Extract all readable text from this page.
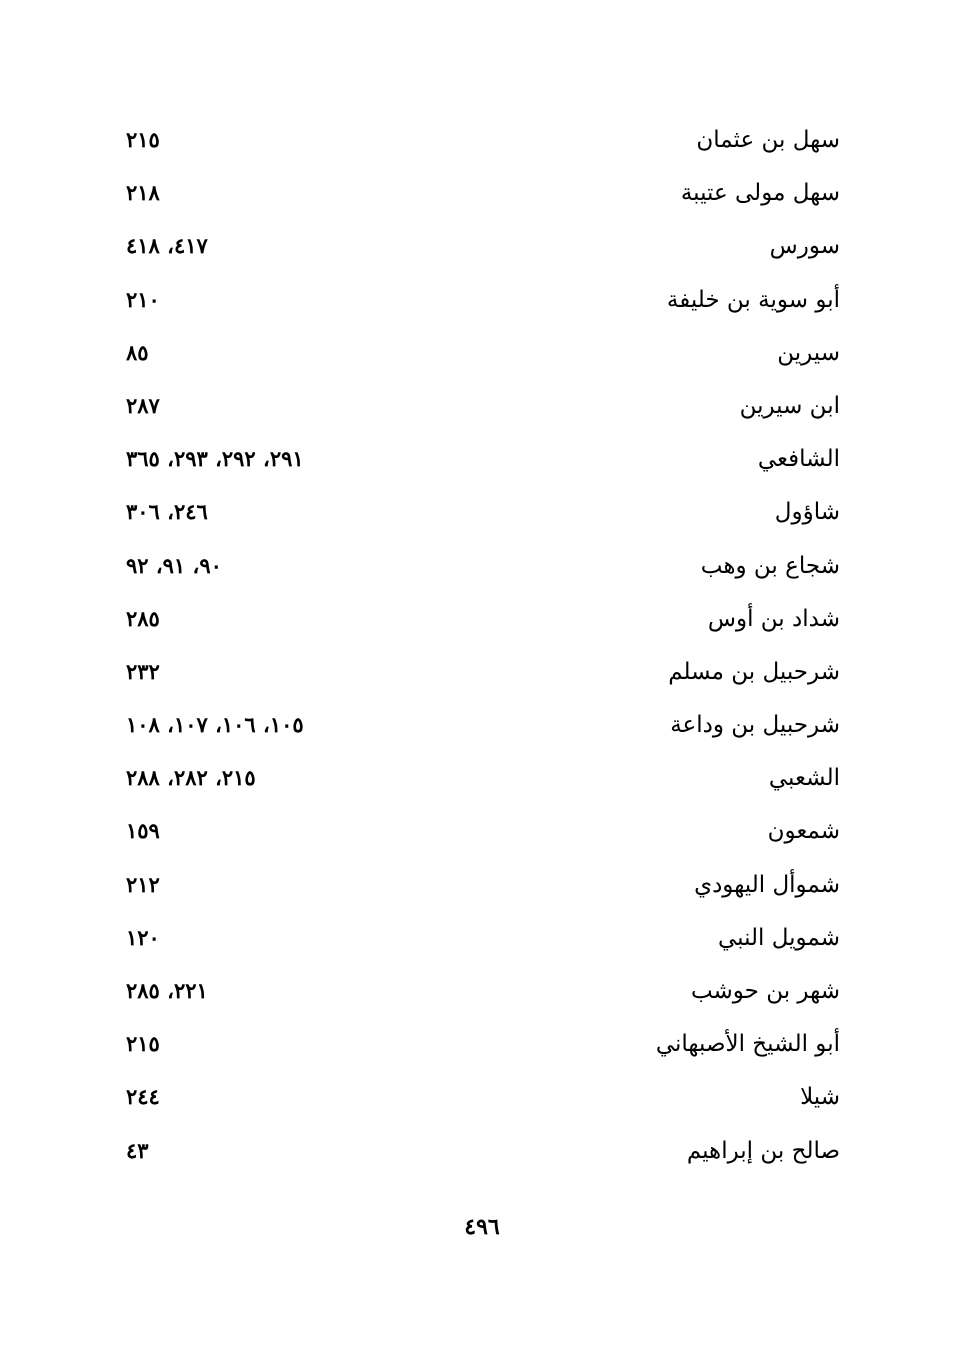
سهل بن عثمان
٢١٥
سهل مولى عتيبة
٢١٨
سورس
٤١٧، ٤١٨
أبو سوية بن خليفة
٢١٠
سيرين
٨٥
ابن سيرين
٢٨٧
الشافعي
٢٩١، ٢٩٢، ٢٩٣، ٣٦٥
شاؤول
٢٤٦، ٣٠٦
شجاع بن وهب
٩٠، ٩١، ٩٢
شداد بن أوس
٢٨٥
شرحبيل بن مسلم
٢٣٢
شرحبيل بن وداعة
١٠٥، ١٠٦، ١٠٧، ١٠٨
الشعبي
٢١٥، ٢٨٢، ٢٨٨
شمعون
١٥٩
شموأل اليهودي
٢١٢
شمويل النبي
١٢٠
شهر بن حوشب
٢٢١، ٢٨٥
أبو الشيخ الأصبهاني
٢١٥
شيلا
٢٤٤
صالح بن إبراهيم
٤٣
٤٩٦
